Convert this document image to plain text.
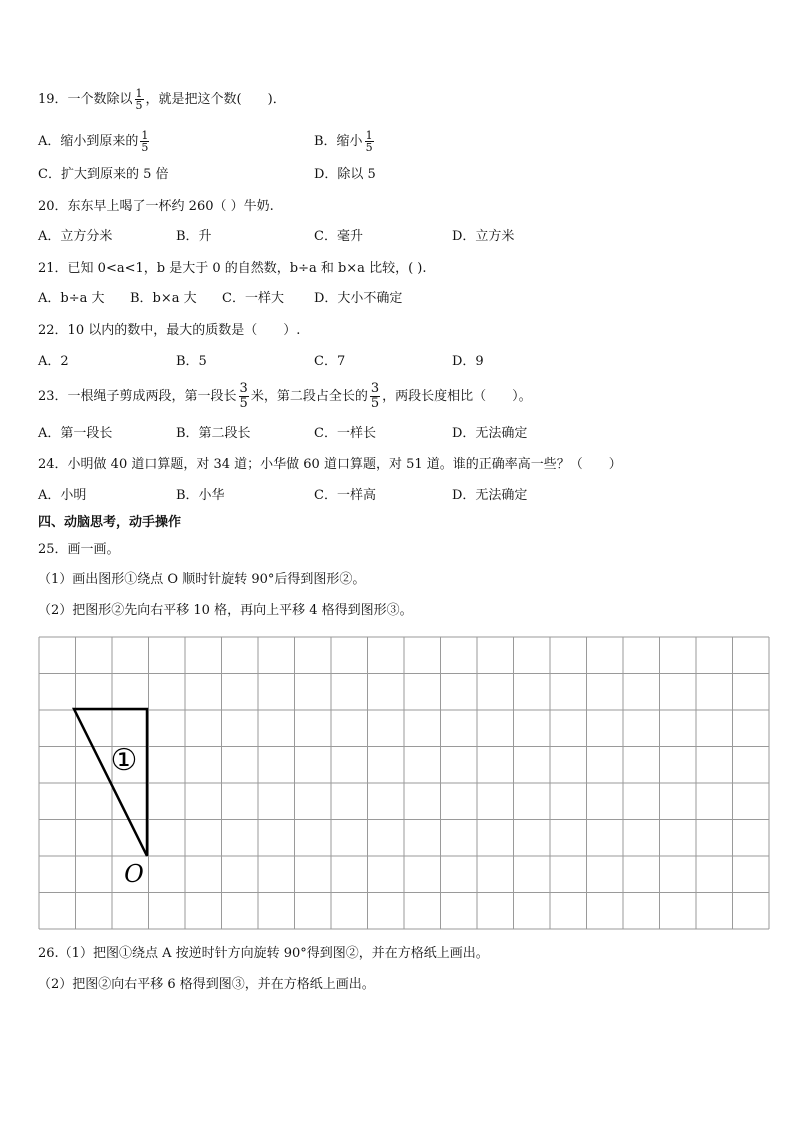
19．一个数除以 $\frac{1}{5}$ ，就是把这个数(　　)．
A．缩小到原来的 $\frac{1}{5}$	B．缩小 $\frac{1}{5}$
C．扩大到原来的 5 倍	D．除以 5
20．东东早上喝了一杯约 260（ ）牛奶.
A．立方分米	B．升	C．毫升	D．立方米
21．已知 0<a<1，b 是大于 0 的自然数，b÷a 和 b×a 比较，( ).
A．b÷a 大 B．b×a 大 C．一样大 D．大小不确定
22．10 以内的数中，最大的质数是（　　）.
A．2	B．5	C．7	D．9
23．一根绳子剪成两段，第一段长 $\frac{3}{5}$ 米，第二段占全长的 $\frac{3}{5}$ ，两段长度相比（　　）。
A．第一段长	B．第二段长	C．一样长	D．无法确定
24．小明做 40 道口算题，对 34 道；小华做 60 道口算题，对 51 道。谁的正确率高一些？（　　）
A．小明	B．小华	C．一样高	D．无法确定
四、动脑思考，动手操作
25．画一画。
（1）画出图形①绕点 O 顺时针旋转 90°后得到图形②。
（2）把图形②先向右平移 10 格，再向上平移 4 格得到图形③。
①
O
26.（1）把图①绕点 A 按逆时针方向旋转 90°得到图②，并在方格纸上画出。
（2）把图②向右平移 6 格得到图③，并在方格纸上画出。
